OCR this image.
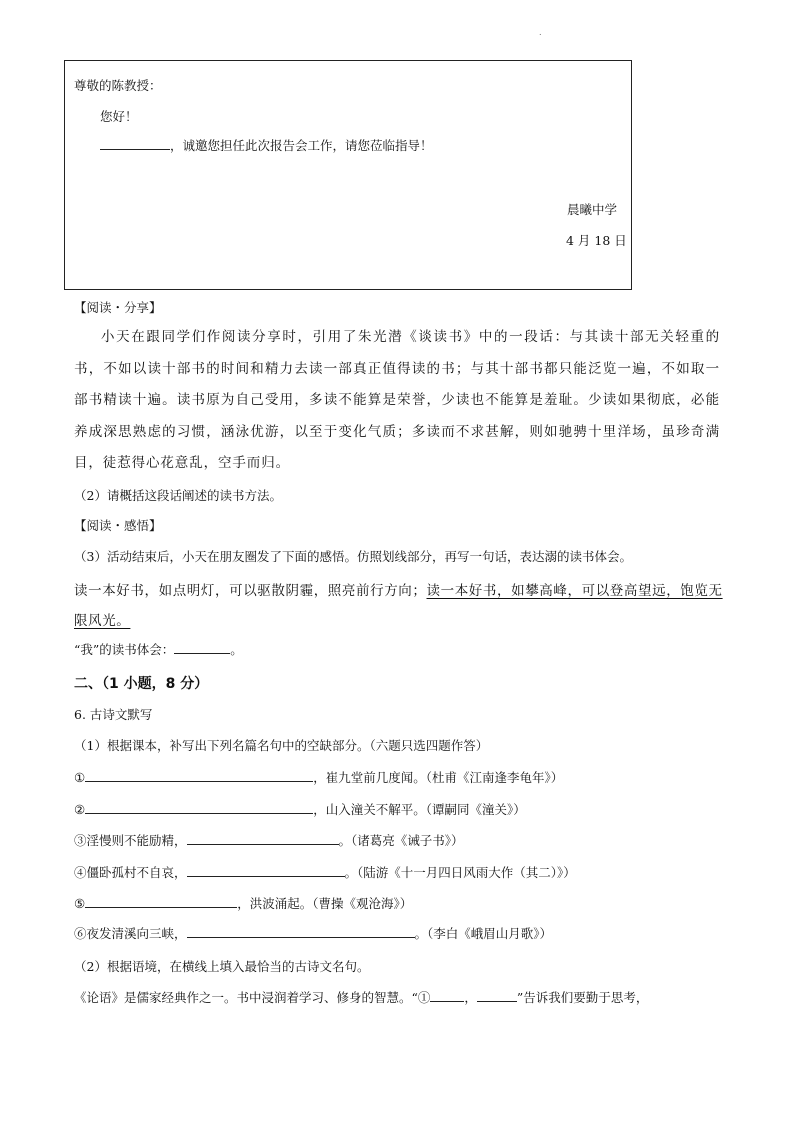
.
尊敬的陈教授：
您好！
，诚邀您担任此次报告会工作，请您莅临指导！
晨曦中学
4 月 18 日
【阅读・分享】
小天在跟同学们作阅读分享时，引用了朱光潜《谈读书》中的一段话：与其读十部无关轻重的书，不如以读十部书的时间和精力去读一部真正值得读的书；与其十部书都只能泛览一遍，不如取一部书精读十遍。读书原为自己受用，多读不能算是荣誉，少读也不能算是羞耻。少读如果彻底，必能养成深思熟虑的习惯，涵泳优游，以至于变化气质；多读而不求甚解，则如驰骋十里洋场，虽珍奇满目，徒惹得心花意乱，空手而归。
（2）请概括这段话阐述的读书方法。
【阅读・感悟】
（3）活动结束后，小天在朋友圈发了下面的感悟。仿照划线部分，再写一句话，表达溺的读书体会。
读一本好书，如点明灯，可以驱散阴霾，照亮前行方向；读一本好书，如攀高峰，可以登高望远，饱览无
限风光。
“我”的读书体会：	。
二、（1 小题，8 分）
6. 古诗文默写
（1）根据课本，补写出下列名篇名句中的空缺部分。（六题只选四题作答）
①	，崔九堂前几度闻。（杜甫《江南逢李龟年》）
②	，山入潼关不解平。（谭嗣同《潼关》）
③淫慢则不能励精，	。（诸葛亮《诫子书》）
④僵卧孤村不自哀，	。（陆游《十一月四日风雨大作（其二）》）
⑤	，洪波涌起。（曹操《观沧海》）
⑥夜发清溪向三峡，	。（李白《峨眉山月歌》）
（2）根据语境，在横线上填入最恰当的古诗文名句。
《论语》是儒家经典作之一。书中浸润着学习、修身的智慧。“①	，	”告诉我们要勤于思考，
